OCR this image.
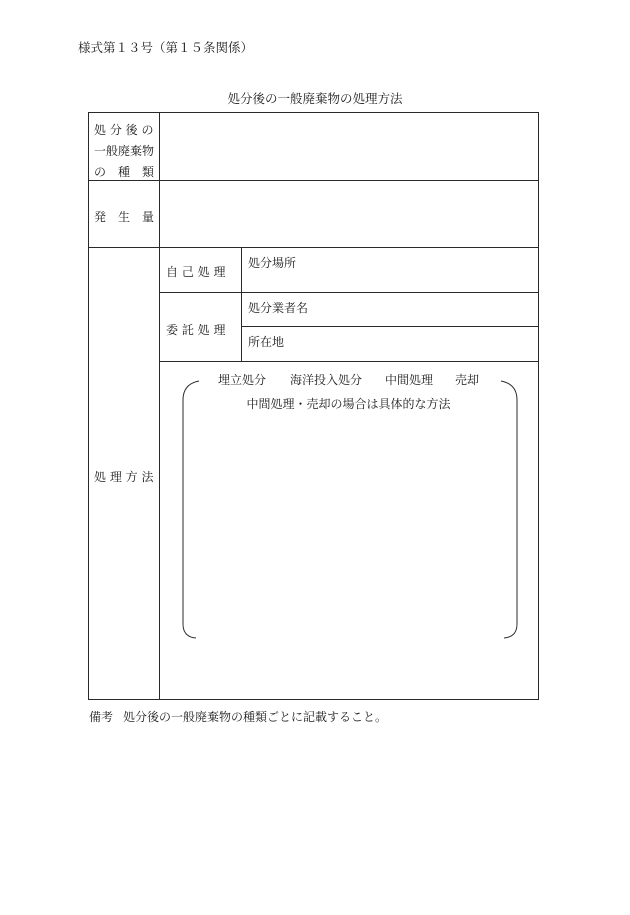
様式第１３号（第１５条関係）
処分後の一般廃棄物の処理方法
処 分 後 の
一般廃棄物
の　種　類
発　生　量
処 理 方 法
自 己 処 理
処分場所
委 託 処 理
処分業者名
所在地
埋立処分 海洋投入処分 中間処理 売却
中間処理・売却の場合は具体的な方法
備考 処分後の一般廃棄物の種類ごとに記載すること。
